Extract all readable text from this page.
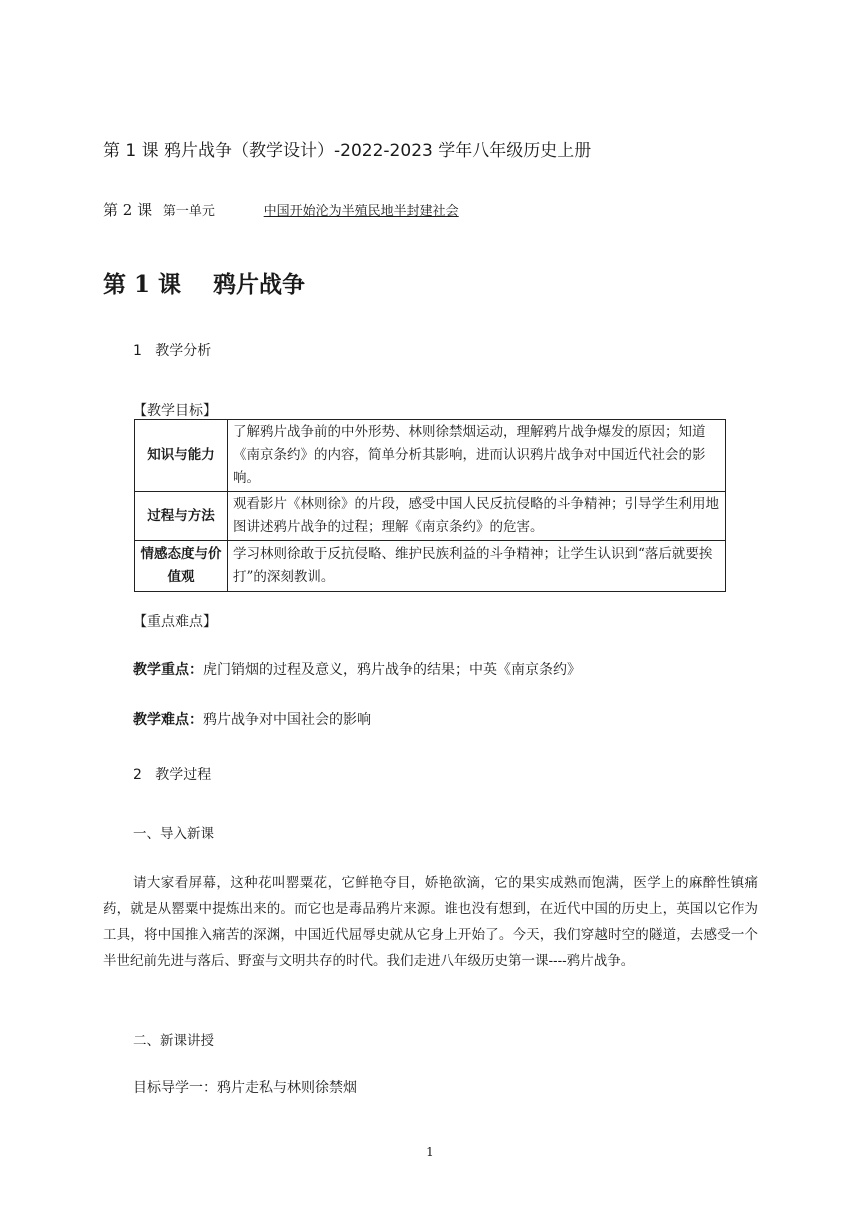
第 1 课 鸦片战争（教学设计）-2022-2023 学年八年级历史上册
第 2 课 第一单元	中国开始沦为半殖民地半封建社会
第 1 课    鸦片战争
1   教学分析
【教学目标】
知识与能力	了解鸦片战争前的中外形势、林则徐禁烟运动，理解鸦片战争爆发的原因；知道《南京条约》的内容，简单分析其影响，进而认识鸦片战争对中国近代社会的影响。
过程与方法	观看影片《林则徐》的片段，感受中国人民反抗侵略的斗争精神；引导学生利用地图讲述鸦片战争的过程；理解《南京条约》的危害。
情感态度与价值观	学习林则徐敢于反抗侵略、维护民族利益的斗争精神；让学生认识到“落后就要挨打”的深刻教训。
【重点难点】
教学重点：虎门销烟的过程及意义，鸦片战争的结果；中英《南京条约》
教学难点：鸦片战争对中国社会的影响
2   教学过程
一、导入新课
请大家看屏幕，这种花叫罂粟花，它鲜艳夺目，娇艳欲滴，它的果实成熟而饱满，医学上的麻醉性镇痛药，就是从罂粟中提炼出来的。而它也是毒品鸦片来源。谁也没有想到，在近代中国的历史上，英国以它作为工具，将中国推入痛苦的深渊，中国近代屈辱史就从它身上开始了。今天，我们穿越时空的隧道，去感受一个半世纪前先进与落后、野蛮与文明共存的时代。我们走进八年级历史第一课----鸦片战争。
二、新课讲授
目标导学一：鸦片走私与林则徐禁烟
1
